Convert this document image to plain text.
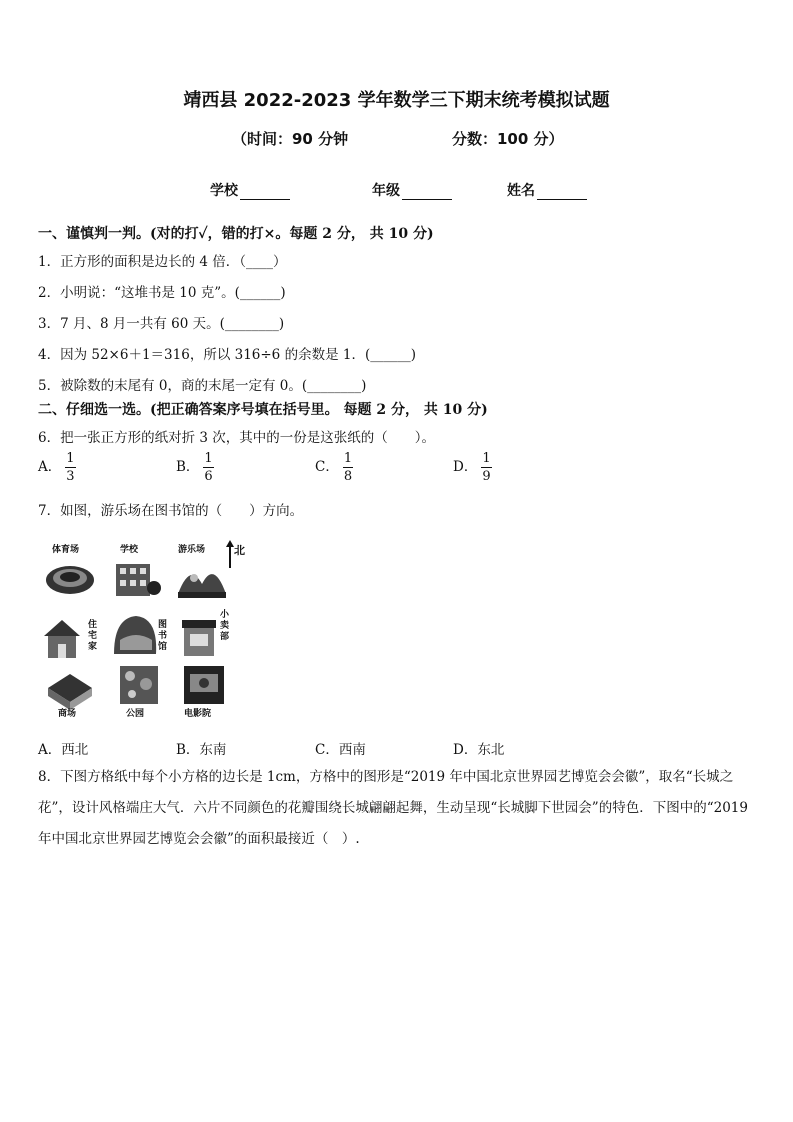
靖西县 2022-2023 学年数学三下期末统考模拟试题
（时间：90 分钟	分数：100 分）
学校	年级	姓名
一、谨慎判一判。(对的打✓，错的打×。每题 2 分， 共 10 分)
1．正方形的面积是边长的 4 倍．（____）
2．小明说：“这堆书是 10 克”。(______)
3．7 月、8 月一共有 60 天。(________)
4．因为 52×6＋1＝316，所以 316÷6 的余数是 1．(______)
5．被除数的末尾有 0，商的末尾一定有 0。(________)
二、仔细选一选。(把正确答案序号填在括号里。 每题 2 分， 共 10 分)
6．把一张正方形的纸对折 3 次，其中的一份是这张纸的（　　）。
A． $\frac{1}{3}$	B． $\frac{1}{6}$	C． $\frac{1}{8}$	D． $\frac{1}{9}$
7．如图，游乐场在图书馆的（　　）方向。
体育场	学校	游乐场	北
住宅家
图书馆
小卖部
商场	公园	电影院
A．西北	B．东南	C．西南	D．东北
8．下图方格纸中每个小方格的边长是 1cm，方格中的图形是“2019 年中国北京世界园艺博览会会徽”，取名“长城之花”，设计风格端庄大气．六片不同颜色的花瓣围绕长城翩翩起舞，生动呈现“长城脚下世园会”的特色．下图中的“2019 年中国北京世界园艺博览会会徽”的面积最接近（　）.
